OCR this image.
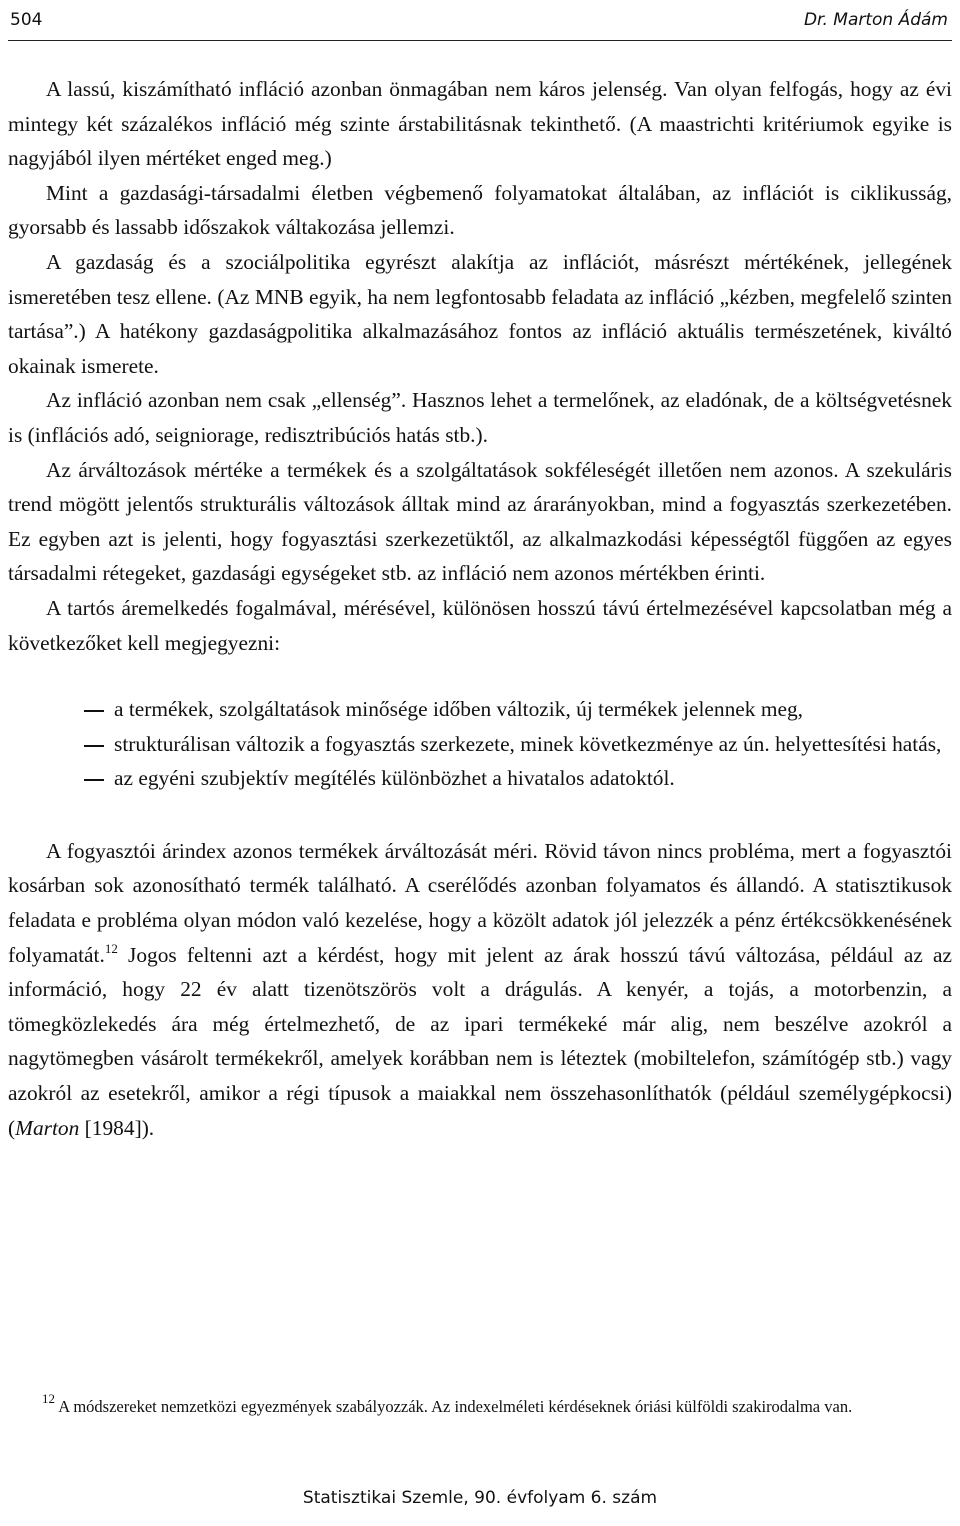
504	Dr. Marton Ádám

A lassú, kiszámítható infláció azonban önmagában nem káros jelenség. Van olyan felfogás, hogy az évi mintegy két százalékos infláció még szinte árstabilitásnak tekinthető. (A maastrichti kritériumok egyike is nagyjából ilyen mértéket enged meg.)

Mint a gazdasági-társadalmi életben végbemenő folyamatokat általában, az inflációt is ciklikusság, gyorsabb és lassabb időszakok váltakozása jellemzi.

A gazdaság és a szociálpolitika egyrészt alakítja az inflációt, másrészt mértékének, jellegének ismeretében tesz ellene. (Az MNB egyik, ha nem legfontosabb feladata az infláció „kézben, megfelelő szinten tartása”.) A hatékony gazdaságpolitika alkalmazásához fontos az infláció aktuális természetének, kiváltó okainak ismerete.

Az infláció azonban nem csak „ellenség”. Hasznos lehet a termelőnek, az eladónak, de a költségvetésnek is (inflációs adó, seigniorage, redisztribúciós hatás stb.).

Az árváltozások mértéke a termékek és a szolgáltatások sokféleségét illetően nem azonos. A szekuláris trend mögött jelentős strukturális változások álltak mind az árarányokban, mind a fogyasztás szerkezetében. Ez egyben azt is jelenti, hogy fogyasztási szerkezetüktől, az alkalmazkodási képességtől függően az egyes társadalmi rétegeket, gazdasági egységeket stb. az infláció nem azonos mértékben érinti.

A tartós áremelkedés fogalmával, mérésével, különösen hosszú távú értelmezésével kapcsolatban még a következőket kell megjegyezni:

a termékek, szolgáltatások minősége időben változik, új termékek jelennek meg,
strukturálisan változik a fogyasztás szerkezete, minek következménye az ún. helyettesítési hatás,
az egyéni szubjektív megítélés különbözhet a hivatalos adatoktól.

A fogyasztói árindex azonos termékek árváltozását méri. Rövid távon nincs probléma, mert a fogyasztói kosárban sok azonosítható termék található. A cserélődés azonban folyamatos és állandó. A statisztikusok feladata e probléma olyan módon való kezelése, hogy a közölt adatok jól jelezzék a pénz értékcsökkenésének folyamatát.$^{12}$ Jogos feltenni azt a kérdést, hogy mit jelent az árak hosszú távú változása, például az az információ, hogy 22 év alatt tizenötszörös volt a drágulás. A kenyér, a tojás, a motorbenzin, a tömegközlekedés ára még értelmezhető, de az ipari termékeké már alig, nem beszélve azokról a nagytömegben vásárolt termékekről, amelyek korábban nem is léteztek (mobiltelefon, számítógép stb.) vagy azokról az esetekről, amikor a régi típusok a maiakkal nem összehasonlíthatók (például személygépkocsi) (Marton [1984]).

$^{12}$ A módszereket nemzetközi egyezmények szabályozzák. Az indexelméleti kérdéseknek óriási külföldi szakirodalma van.

Statisztikai Szemle, 90. évfolyam 6. szám
